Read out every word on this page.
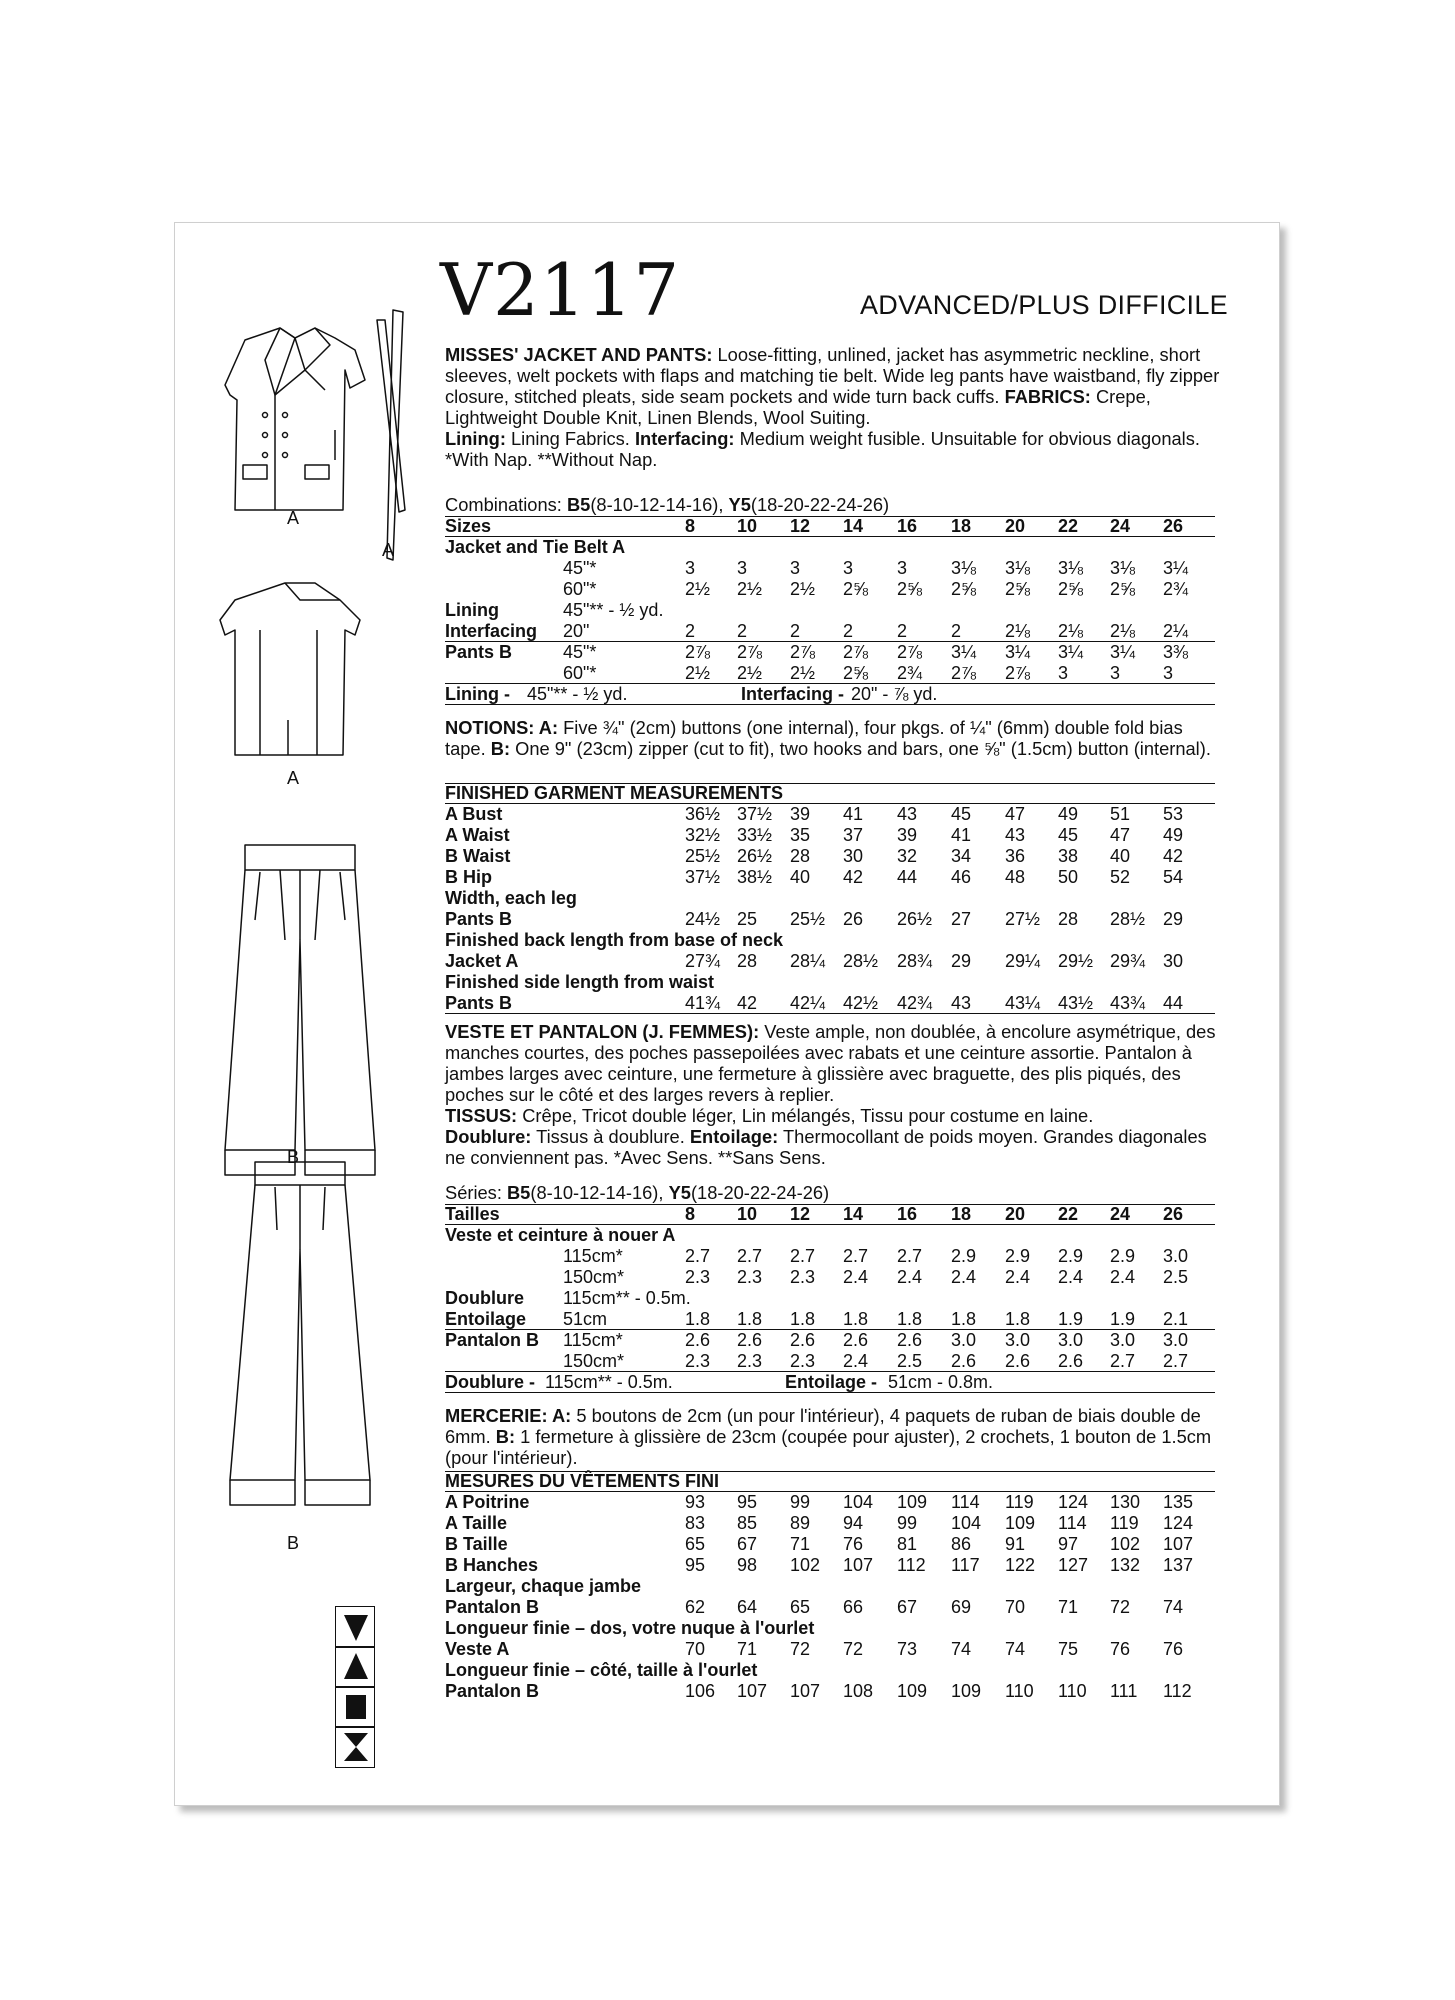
V2117	ADVANCED/PLUS DIFFICILE
A
A
A
B
B
MISSES' JACKET AND PANTS: Loose-fitting, unlined, jacket has asymmetric neckline, short sleeves, welt pockets with flaps and matching tie belt. Wide leg pants have waistband, fly zipper closure, stitched pleats, side seam pockets and wide turn back cuffs. FABRICS: Crepe, Lightweight Double Knit, Linen Blends, Wool Suiting.
Lining: Lining Fabrics. Interfacing: Medium weight fusible. Unsuitable for obvious diagonals. *With Nap. **Without Nap.
Combinations: B5(8-10-12-14-16), Y5(18-20-22-24-26)
Sizes	8 10 12 14 16 18 20 22 24 26
Jacket and Tie Belt A
45"*	3 3 3 3 3 3⅛ 3⅛ 3⅛ 3⅛ 3¼
60"*	2½ 2½ 2½ 2⅝ 2⅝ 2⅝ 2⅝ 2⅝ 2⅝ 2¾
Lining	45"** - ½ yd.
Interfacing 20"	2 2 2 2 2 2 2⅛ 2⅛ 2⅛ 2¼
Pants B	45"*	2⅞ 2⅞ 2⅞ 2⅞ 2⅞ 3¼ 3¼ 3¼ 3¼ 3⅜
60"*	2½ 2½ 2½ 2⅝ 2¾ 2⅞ 2⅞ 3 3 3
Lining - 45"** - ½ yd.	Interfacing - 20" - ⅞ yd.
NOTIONS: A: Five ¾" (2cm) buttons (one internal), four pkgs. of ¼" (6mm) double fold bias tape. B: One 9" (23cm) zipper (cut to fit), two hooks and bars, one ⅝" (1.5cm) button (internal).
FINISHED GARMENT MEASUREMENTS
A Bust	36½ 37½ 39 41 43 45 47 49 51 53
A Waist	32½ 33½ 35 37 39 41 43 45 47 49
B Waist	25½ 26½ 28 30 32 34 36 38 40 42
B Hip	37½ 38½ 40 42 44 46 48 50 52 54
Width, each leg
Pants B	24½ 25 25½ 26 26½ 27 27½ 28 28½ 29
Finished back length from base of neck
Jacket A	27¾ 28 28¼ 28½ 28¾ 29 29¼ 29½ 29¾ 30
Finished side length from waist
Pants B	41¾ 42 42¼ 42½ 42¾ 43 43¼ 43½ 43¾ 44
VESTE ET PANTALON (J. FEMMES): Veste ample, non doublée, à encolure asymétrique, des manches courtes, des poches passepoilées avec rabats et une ceinture assortie. Pantalon à jambes larges avec ceinture, une fermeture à glissière avec braguette, des plis piqués, des poches sur le côté et des larges revers à replier.
TISSUS: Crêpe, Tricot double léger, Lin mélangés, Tissu pour costume en laine.
Doublure: Tissus à doublure. Entoilage: Thermocollant de poids moyen. Grandes diagonales ne conviennent pas. *Avec Sens. **Sans Sens.
Séries: B5(8-10-12-14-16), Y5(18-20-22-24-26)
Tailles	8 10 12 14 16 18 20 22 24 26
Veste et ceinture à nouer A
115cm*	2.7 2.7 2.7 2.7 2.7 2.9 2.9 2.9 2.9 3.0
150cm*	2.3 2.3 2.3 2.4 2.4 2.4 2.4 2.4 2.4 2.5
Doublure 115cm** - 0.5m.
Entoilage 51cm	1.8 1.8 1.8 1.8 1.8 1.8 1.8 1.9 1.9 2.1
Pantalon B 115cm*	2.6 2.6 2.6 2.6 2.6 3.0 3.0 3.0 3.0 3.0
150cm*	2.3 2.3 2.3 2.4 2.5 2.6 2.6 2.6 2.7 2.7
Doublure - 115cm** - 0.5m.	Entoilage - 51cm - 0.8m.
MERCERIE: A: 5 boutons de 2cm (un pour l'intérieur), 4 paquets de ruban de biais double de 6mm. B: 1 fermeture à glissière de 23cm (coupée pour ajuster), 2 crochets, 1 bouton de 1.5cm (pour l'intérieur).
MESURES DU VÊTEMENTS FINI
A Poitrine	93 95 99 104 109 114 119 124 130 135
A Taille	83 85 89 94 99 104 109 114 119 124
B Taille	65 67 71 76 81 86 91 97 102 107
B Hanches	95 98 102 107 112 117 122 127 132 137
Largeur, chaque jambe
Pantalon B	62 64 65 66 67 69 70 71 72 74
Longueur finie – dos, votre nuque à l'ourlet
Veste A	70 71 72 72 73 74 74 75 76 76
Longueur finie – côté, taille à l'ourlet
Pantalon B	106 107 107 108 109 109 110 110 111 112
